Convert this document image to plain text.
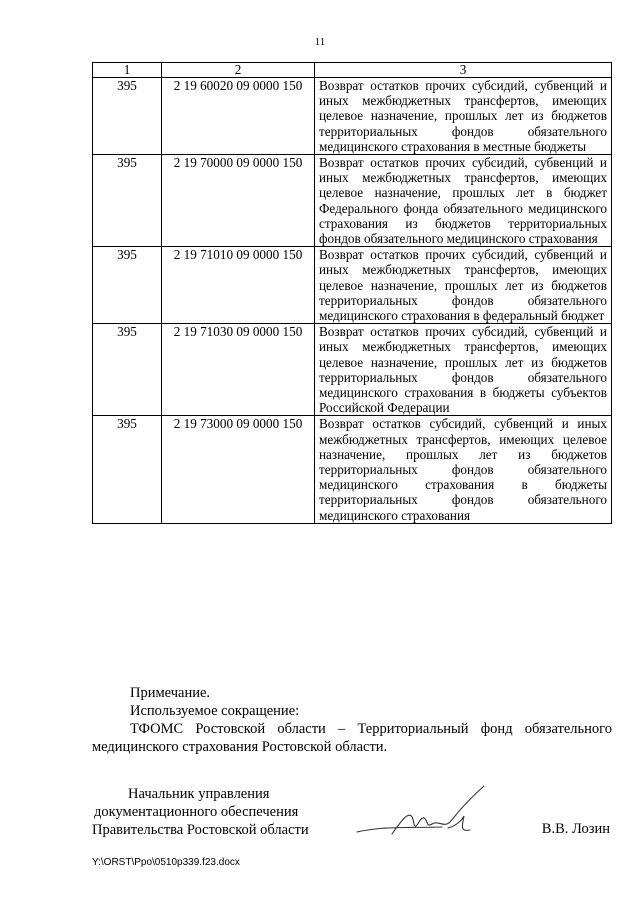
11
1	2	3
395	2 19 60020 09 0000 150	Возврат остатков прочих субсидий, субвенций и иных межбюджетных трансфертов, имеющих целевое назначение, прошлых лет из бюджетов территориальных фондов обязательного медицинского страхования в местные бюджеты
395	2 19 70000 09 0000 150	Возврат остатков прочих субсидий, субвенций и иных межбюджетных трансфертов, имеющих целевое назначение, прошлых лет в бюджет Федерального фонда обязательного медицинского страхования из бюджетов территориальных фондов обязательного медицинского страхования
395	2 19 71010 09 0000 150	Возврат остатков прочих субсидий, субвенций и иных межбюджетных трансфертов, имеющих целевое назначение, прошлых лет из бюджетов территориальных фондов обязательного медицинского страхования в федеральный бюджет
395	2 19 71030 09 0000 150	Возврат остатков прочих субсидий, субвенций и иных межбюджетных трансфертов, имеющих целевое назначение, прошлых лет из бюджетов территориальных фондов обязательного медицинского страхования в бюджеты субъектов Российской Федерации
395	2 19 73000 09 0000 150	Возврат остатков субсидий, субвенций и иных межбюджетных трансфертов, имеющих целевое назначение, прошлых лет из бюджетов территориальных фондов обязательного медицинского страхования в бюджеты территориальных фондов обязательного медицинского страхования
Примечание.
Используемое сокращение:
ТФОМС Ростовской области – Территориальный фонд обязательного медицинского страхования Ростовской области.
Начальник управления
документационного обеспечения
Правительства Ростовской области	В.В. Лозин
Y:\ORST\Ppo\0510p339.f23.docx
